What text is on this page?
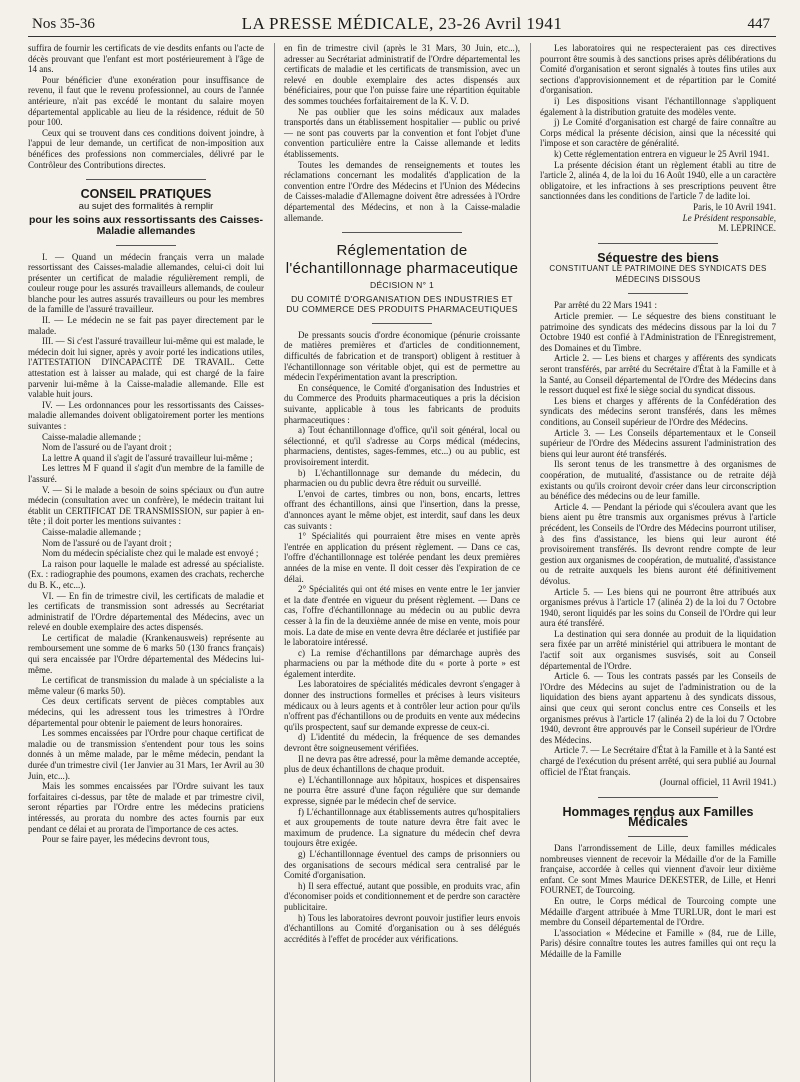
Nos 35-36	LA PRESSE MÉDICALE, 23-26 Avril 1941	447

suffira de fournir les certificats de vie desdits enfants ou l'acte de décès prouvant que l'enfant est mort postérieurement à l'âge de 14 ans.

Pour bénéficier d'une exonération pour insuffisance de revenu, il faut que le revenu professionnel, au cours de l'année antérieure, n'ait pas excédé le montant du salaire moyen départemental applicable au lieu de la résidence, réduit de 50 pour 100.

Ceux qui se trouvent dans ces conditions doivent joindre, à l'appui de leur demande, un certificat de non-imposition aux bénéfices des professions non commerciales, délivré par le Contrôleur des Contributions directes.

CONSEIL PRATIQUES
au sujet des formalités à remplir
pour les soins aux ressortissants des Caisses-Maladie allemandes

I. — Quand un médecin français verra un malade ressortissant des Caisses-maladie allemandes, celui-ci doit lui présenter un certificat de maladie régulièrement rempli, de couleur rouge pour les assurés travailleurs allemands, de couleur blanche pour les autres assurés travailleurs ou pour les membres de la famille de l'assuré travailleur.

II. — Le médecin ne se fait pas payer directement par le malade.

III. — Si c'est l'assuré travailleur lui-même qui est malade, le médecin doit lui signer, après y avoir porté les indications utiles, l'ATTESTATION D'INCAPACITÉ DE TRAVAIL. Cette attestation est à laisser au malade, qui est chargé de la faire parvenir lui-même à la Caisse-maladie allemande. Elle est valable huit jours.

IV. — Les ordonnances pour les ressortissants des Caisses-maladie allemandes doivent obligatoirement porter les mentions suivantes :

Caisse-maladie allemande ;

Nom de l'assuré ou de l'ayant droit ;

La lettre A quand il s'agit de l'assuré travailleur lui-même ;

Les lettres M F quand il s'agit d'un membre de la famille de l'assuré.

V. — Si le malade a besoin de soins spéciaux ou d'un autre médecin (consultation avec un confrère), le médecin traitant lui établit un CERTIFICAT DE TRANSMISSION, sur papier à en-tête ; il doit porter les mentions suivantes :

Caisse-maladie allemande ;

Nom de l'assuré ou de l'ayant droit ;

Nom du médecin spécialiste chez qui le malade est envoyé ;

La raison pour laquelle le malade est adressé au spécialiste. (Ex. : radiographie des poumons, examen des crachats, recherche du B. K., etc...).

VI. — En fin de trimestre civil, les certificats de maladie et les certificats de transmission sont adressés au Secrétariat administratif de l'Ordre départemental des Médecins, avec un relevé en double exemplaire des actes dispensés.

Le certificat de maladie (Krankenausweis) représente au remboursement une somme de 6 marks 50 (130 francs français) qui sera encaissée par l'Ordre départemental des Médecins lui-même.

Le certificat de transmission du malade à un spécialiste a la même valeur (6 marks 50).

Ces deux certificats servent de pièces comptables aux médecins, qui les adressent tous les trimestres à l'Ordre départemental pour obtenir le paiement de leurs honoraires.

Les sommes encaissées par l'Ordre pour chaque certificat de maladie ou de transmission s'entendent pour tous les soins donnés à un même malade, par le même médecin, pendant la durée d'un trimestre civil (1er Janvier au 31 Mars, 1er Avril au 30 Juin, etc...).

Mais les sommes encaissées par l'Ordre suivant les taux forfaitaires ci-dessus, par tête de malade et par trimestre civil, seront réparties par l'Ordre entre les médecins praticiens intéressés, au prorata du nombre des actes fournis par eux pendant ce délai et au prorata de l'importance de ces actes.

Pour se faire payer, les médecins devront tous,

en fin de trimestre civil (après le 31 Mars, 30 Juin, etc...), adresser au Secrétariat administratif de l'Ordre départemental les certificats de maladie et les certificats de transmission, avec un relevé en double exemplaire des actes dispensés aux bénéficiaires, pour que l'on puisse faire une répartition équitable des sommes touchées forfaitairement de la K. V. D.

Ne pas oublier que les soins médicaux aux malades transportés dans un établissement hospitalier — public ou privé — ne sont pas couverts par la convention et font l'objet d'une convention particulière entre la Caisse allemande et ledits établissements.

Toutes les demandes de renseignements et toutes les réclamations concernant les modalités d'application de la convention entre l'Ordre des Médecins et l'Union des Médecins de Caisses-maladie d'Allemagne doivent être adressées à l'Ordre départemental des Médecins, et non à la Caisse-maladie allemande.

Réglementation de l'échantillonnage pharmaceutique
DÉCISION N° 1
DU COMITÉ D'ORGANISATION DES INDUSTRIES ET DU COMMERCE DES PRODUITS PHARMACEUTIQUES

De pressants soucis d'ordre économique (pénurie croissante de matières premières et d'articles de conditionnement, difficultés de fabrication et de transport) obligent à restituer à l'échantillonnage son véritable objet, qui est de permettre au médecin l'expérimentation avant la prescription.

En conséquence, le Comité d'organisation des Industries et du Commerce des Produits pharmaceutiques a pris la décision suivante, applicable à tous les fabricants de produits pharmaceutiques :

a) Tout échantillonnage d'office, qu'il soit général, local ou sélectionné, et qu'il s'adresse au Corps médical (médecins, pharmaciens, dentistes, sages-femmes, etc...) ou au public, est provisoirement interdit.

b) L'échantillonnage sur demande du médecin, du pharmacien ou du public devra être réduit ou surveillé.

L'envoi de cartes, timbres ou non, bons, encarts, lettres offrant des échantillons, ainsi que l'insertion, dans la presse, d'annonces ayant le même objet, est interdit, sauf dans les deux cas suivants :

1° Spécialités qui pourraient être mises en vente après l'entrée en application du présent règlement. — Dans ce cas, l'offre d'échantillonnage est tolérée pendant les deux premières années de la mise en vente. Il doit cesser dès l'expiration de ce délai.

2° Spécialités qui ont été mises en vente entre le 1er janvier et la date d'entrée en vigueur du présent règlement. — Dans ce cas, l'offre d'échantillonnage au médecin ou au public devra cesser à la fin de la deuxième année de mise en vente, mois pour mois. La date de mise en vente devra être déclarée et justifiée par le laboratoire intéressé.

c) La remise d'échantillons par démarchage auprès des pharmaciens ou par la méthode dite du « porte à porte » est également interdite.

Les laboratoires de spécialités médicales devront s'engager à donner des instructions formelles et précises à leurs visiteurs médicaux ou à leurs agents et à contrôler leur action pour qu'ils n'offrent pas d'échantillons ou de produits en vente aux médecins qu'ils prospectent, sauf sur demande expresse de ceux-ci.

d) L'identité du médecin, la fréquence de ses demandes devront être soigneusement vérifiées.

Il ne devra pas être adressé, pour la même demande acceptée, plus de deux échantillons de chaque produit.

e) L'échantillonnage aux hôpitaux, hospices et dispensaires ne pourra être assuré d'une façon régulière que sur demande expresse, signée par le médecin chef de service.

f) L'échantillonnage aux établissements autres qu'hospitaliers et aux groupements de toute nature devra être fait avec le maximum de prudence. La signature du médecin chef devra toujours être exigée.

g) L'échantillonnage éventuel des camps de prisonniers ou des organisations de secours médical sera centralisé par le Comité d'organisation.

h) Il sera effectué, autant que possible, en produits vrac, afin d'économiser poids et conditionnement et de perdre son caractère publicitaire.

h) Tous les laboratoires devront pouvoir justifier leurs envois d'échantillons au Comité d'organisation ou à ses délégués accrédités à l'effet de procéder aux vérifications.

Les laboratoires qui ne respecteraient pas ces directives pourront être soumis à des sanctions prises après délibérations du Comité d'organisation et seront signalés à toutes fins utiles aux sections d'approvisionnement et de répartition par le Comité d'organisation.

i) Les dispositions visant l'échantillonnage s'appliquent également à la distribution gratuite des modèles vente.

j) Le Comité d'organisation est chargé de faire connaître au Corps médical la présente décision, ainsi que la nécessité qui l'impose et son caractère de généralité.

k) Cette réglementation entrera en vigueur le 25 Avril 1941.

La présente décision étant un règlement établi au titre de l'article 2, alinéa 4, de la loi du 16 Août 1940, elle a un caractère obligatoire, et les infractions à ses prescriptions peuvent être sanctionnées dans les conditions de l'article 7 de ladite loi.

Paris, le 10 Avril 1941.

Le Président responsable,

M. LEPRINCE.

Séquestre des biens
CONSTITUANT LE PATRIMOINE DES SYNDICATS DES MÉDECINS DISSOUS

Par arrêté du 22 Mars 1941 :

Article premier. — Le séquestre des biens constituant le patrimoine des syndicats des médecins dissous par la loi du 7 Octobre 1940 est confié à l'Administration de l'Enregistrement, des Domaines et du Timbre.

Article 2. — Les biens et charges y afférents des syndicats seront transférés, par arrêté du Secrétaire d'État à la Famille et à la Santé, au Conseil départemental de l'Ordre des Médecins dans le ressort duquel est fixé le siège social du syndicat dissous.

Les biens et charges y afférents de la Confédération des syndicats des médecins seront transférés, dans les mêmes conditions, au Conseil supérieur de l'Ordre des Médecins.

Article 3. — Les Conseils départementaux et le Conseil supérieur de l'Ordre des Médecins assurent l'administration des biens qui leur auront été transférés.

Ils seront tenus de les transmettre à des organismes de coopération, de mutualité, d'assistance ou de retraite déjà existants ou qu'ils croiront devoir créer dans leur circonscription au bénéfice des médecins ou de leur famille.

Article 4. — Pendant la période qui s'écoulera avant que les biens aient pu être transmis aux organismes prévus à l'article précédent, les Conseils de l'Ordre des Médecins pourront utiliser, à des fins d'assistance, les biens qui leur auront été provisoirement transférés. Ils devront rendre compte de leur gestion aux organismes de coopération, de mutualité, d'assistance ou de retraite auxquels les biens auront été définitivement dévolus.

Article 5. — Les biens qui ne pourront être attribués aux organismes prévus à l'article 17 (alinéa 2) de la loi du 7 Octobre 1940, seront liquidés par les soins du Conseil de l'Ordre qui leur aura été transféré.

La destination qui sera donnée au produit de la liquidation sera fixée par un arrêté ministériel qui attribuera le montant de l'actif soit aux organismes susvisés, soit au Conseil départemental de l'Ordre.

Article 6. — Tous les contrats passés par les Conseils de l'Ordre des Médecins au sujet de l'administration ou de la liquidation des biens ayant appartenu à des syndicats dissous, ainsi que ceux qui seront conclus entre ces Conseils et les organismes prévus à l'article 17 (alinéa 2) de la loi du 7 Octobre 1940, devront être approuvés par le Conseil supérieur de l'Ordre des Médecins.

Article 7. — Le Secrétaire d'État à la Famille et à la Santé est chargé de l'exécution du présent arrêté, qui sera publié au Journal officiel de l'État français.

(Journal officiel, 11 Avril 1941.)

Hommages rendus aux Familles Médicales

Dans l'arrondissement de Lille, deux familles médicales nombreuses viennent de recevoir la Médaille d'or de la Famille française, accordée à celles qui viennent d'avoir leur dixième enfant. Ce sont Mmes Maurice DEKESTER, de Lille, et Henri FOURNET, de Tourcoing.

En outre, le Corps médical de Tourcoing compte une Médaille d'argent attribuée à Mme TURLUR, dont le mari est membre du Conseil départemental de l'Ordre.

L'association « Médecine et Famille » (84, rue de Lille, Paris) désire connaître toutes les autres familles qui ont reçu la Médaille de la Famille
